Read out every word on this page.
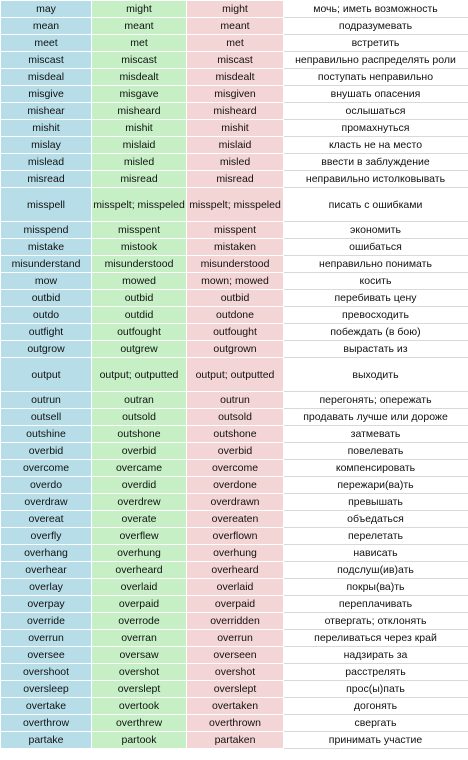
may	might	might	мочь; иметь возможность
mean	meant	meant	подразумевать
meet	met	met	встретить
miscast	miscast	miscast	неправильно распределять роли
misdeal	misdealt	misdealt	поступать неправильно
misgive	misgave	misgiven	внушать опасения
mishear	misheard	misheard	ослышаться
mishit	mishit	mishit	промахнуться
mislay	mislaid	mislaid	класть не на место
mislead	misled	misled	ввести в заблуждение
misread	misread	misread	неправильно истолковывать
misspell	misspelt; misspeled	misspelt; misspeled	писать с ошибками
misspend	misspent	misspent	экономить
mistake	mistook	mistaken	ошибаться
misunderstand	misunderstood	misunderstood	неправильно понимать
mow	mowed	mown; mowed	косить
outbid	outbid	outbid	перебивать цену
outdo	outdid	outdone	превосходить
outfight	outfought	outfought	побеждать (в бою)
outgrow	outgrew	outgrown	вырастать из
output	output; outputted	output; outputted	выходить
outrun	outran	outrun	перегонять; опережать
outsell	outsold	outsold	продавать лучше или дороже
outshine	outshone	outshone	затмевать
overbid	overbid	overbid	повелевать
overcome	overcame	overcome	компенсировать
overdo	overdid	overdone	пережари(ва)ть
overdraw	overdrew	overdrawn	превышать
overeat	overate	overeaten	объедаться
overfly	overflew	overflown	перелетать
overhang	overhung	overhung	нависать
overhear	overheard	overheard	подслуш(ив)ать
overlay	overlaid	overlaid	покры(ва)ть
overpay	overpaid	overpaid	переплачивать
override	overrode	overridden	отвергать; отклонять
overrun	overran	overrun	переливаться через край
oversee	oversaw	overseen	надзирать за
overshoot	overshot	overshot	расстрелять
oversleep	overslept	overslept	прос(ы)пать
overtake	overtook	overtaken	догонять
overthrow	overthrew	overthrown	свергать
partake	partook	partaken	принимать участие
